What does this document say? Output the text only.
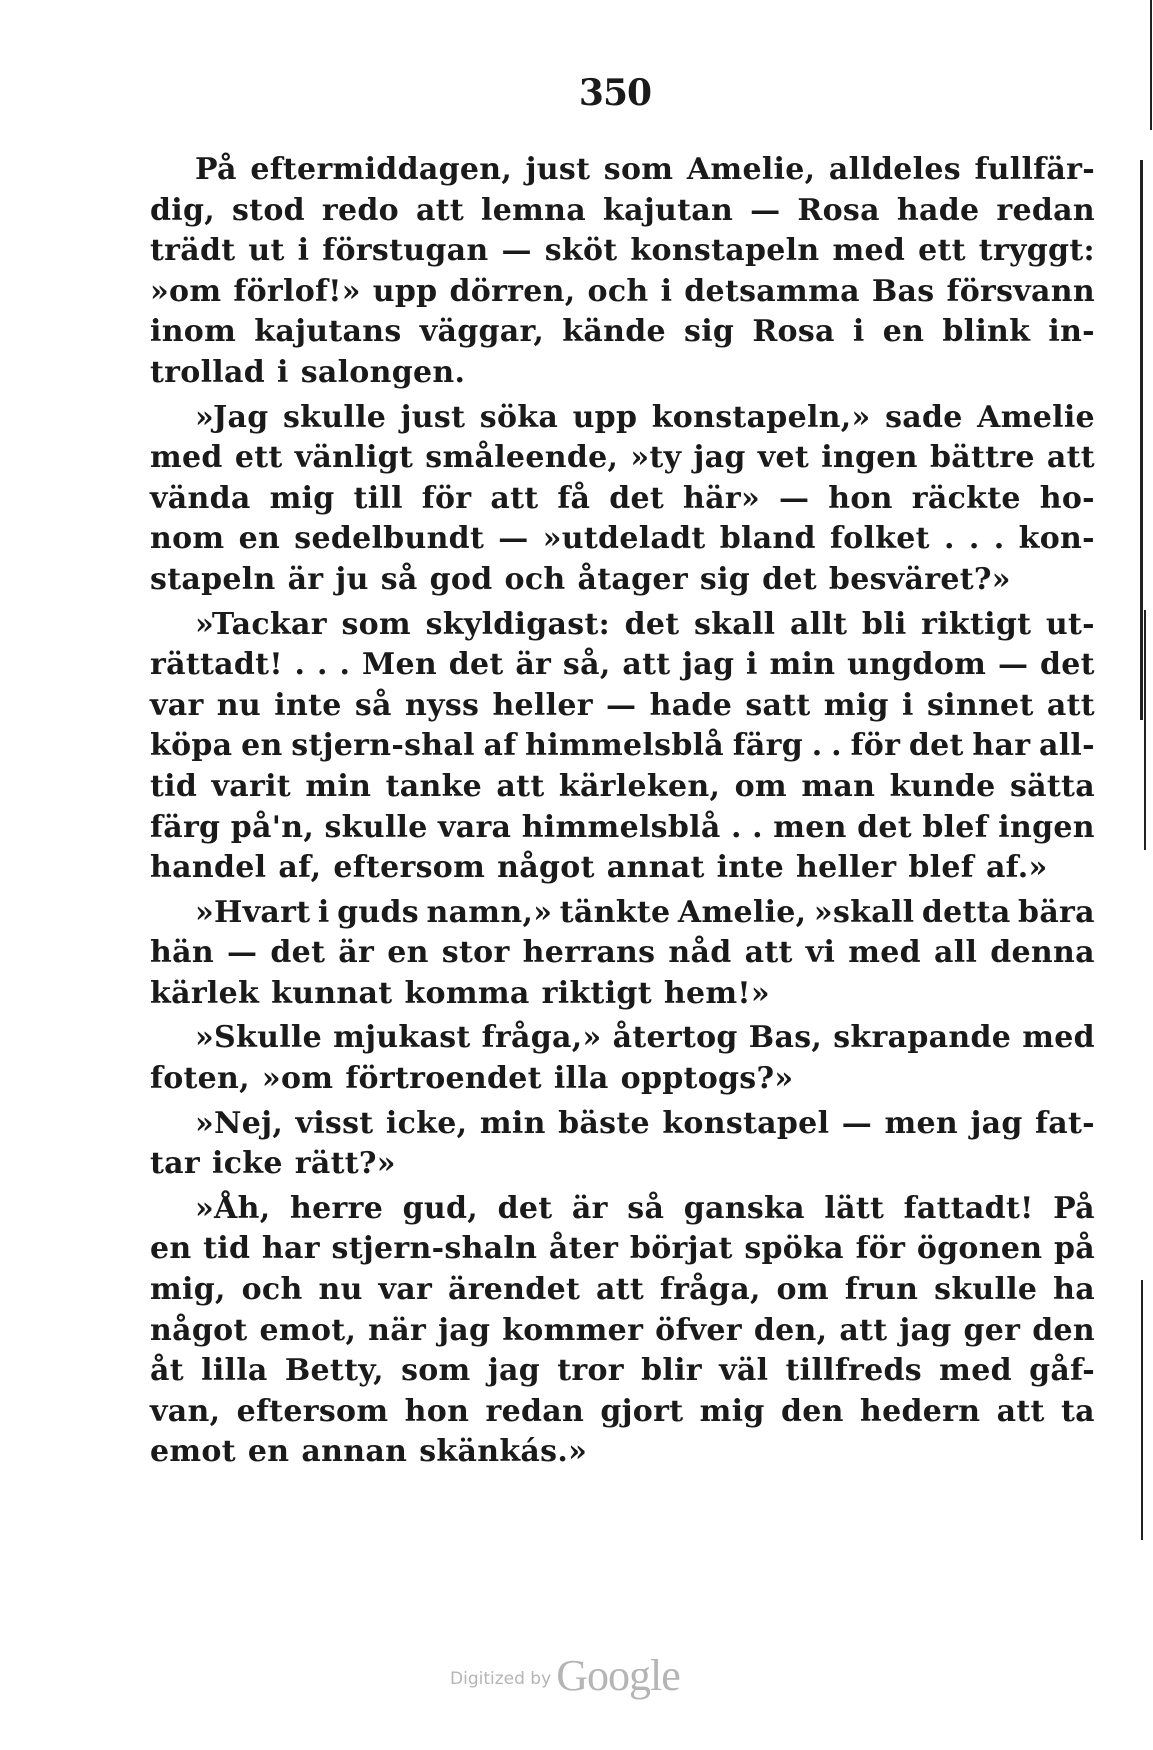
350
På eftermiddagen, just som Amelie, alldeles fullfär-
dig, stod redo att lemna kajutan — Rosa hade redan
trädt ut i förstugan — sköt konstapeln med ett tryggt:
»om förlof!» upp dörren, och i detsamma Bas försvann
inom kajutans väggar, kände sig Rosa i en blink in-
trollad i salongen.
»Jag skulle just söka upp konstapeln,» sade Amelie
med ett vänligt småleende, »ty jag vet ingen bättre att
vända mig till för att få det här» — hon räckte ho-
nom en sedelbundt — »utdeladt bland folket . . . kon-
stapeln är ju så god och åtager sig det besväret?»
»Tackar som skyldigast: det skall allt bli riktigt ut-
rättadt! . . . Men det är så, att jag i min ungdom — det
var nu inte så nyss heller — hade satt mig i sinnet att
köpa en stjern-shal af himmelsblå färg . . för det har all-
tid varit min tanke att kärleken, om man kunde sätta
färg på'n, skulle vara himmelsblå . . men det blef ingen
handel af, eftersom något annat inte heller blef af.»
»Hvart i guds namn,» tänkte Amelie, »skall detta bära
hän — det är en stor herrans nåd att vi med all denna
kärlek kunnat komma riktigt hem!»
»Skulle mjukast fråga,» återtog Bas, skrapande med
foten, »om förtroendet illa opptogs?»
»Nej, visst icke, min bäste konstapel — men jag fat-
tar icke rätt?»
»Åh, herre gud, det är så ganska lätt fattadt! På
en tid har stjern-shaln åter börjat spöka för ögonen på
mig, och nu var ärendet att fråga, om frun skulle ha
något emot, när jag kommer öfver den, att jag ger den
åt lilla Betty, som jag tror blir väl tillfreds med gåf-
van, eftersom hon redan gjort mig den hedern att ta
emot en annan skänkás.»
Digitized by Google
